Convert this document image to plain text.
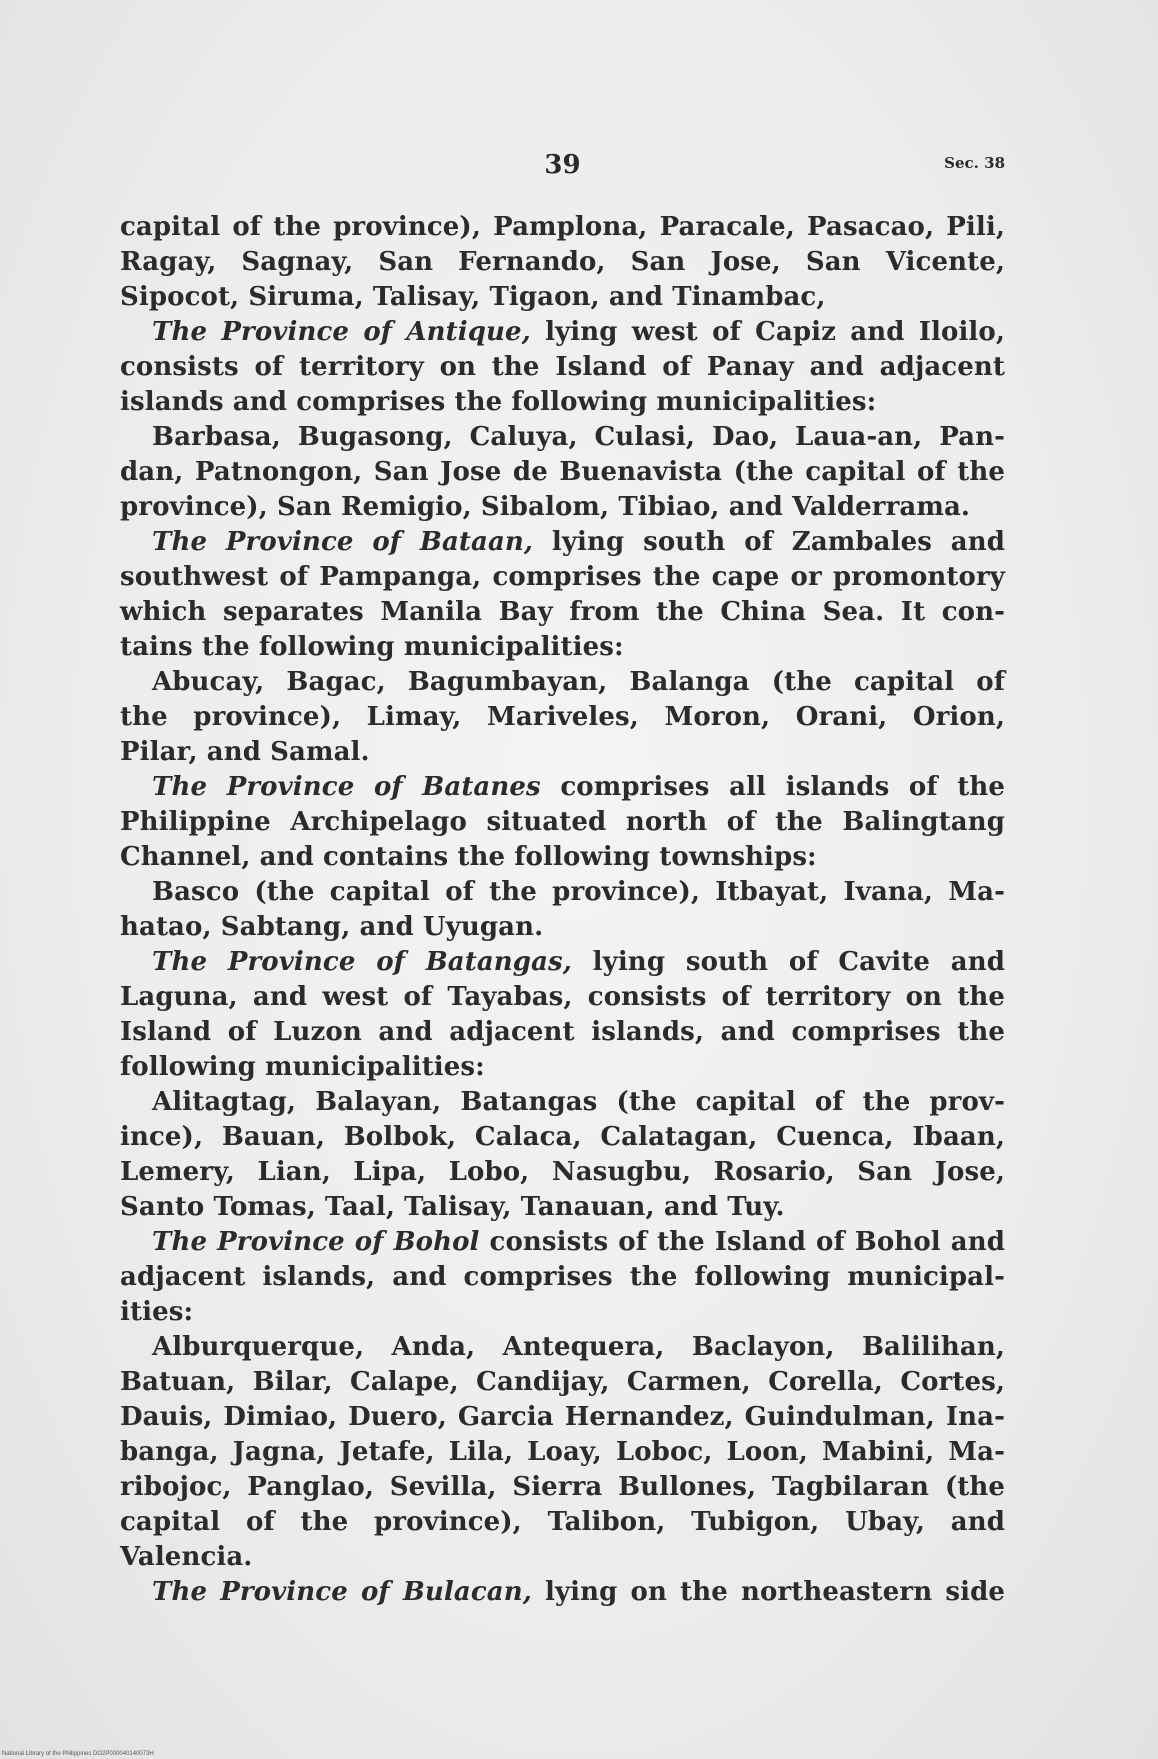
39	Sec. 38
capital of the province), Pamplona, Paracale, Pasacao, Pili,
Ragay, Sagnay, San Fernando, San Jose, San Vicente,
Sipocot, Siruma, Talisay, Tigaon, and Tinambac,
The Province of Antique, lying west of Capiz and Iloilo,
consists of territory on the Island of Panay and adjacent
islands and comprises the following municipalities:
Barbasa, Bugasong, Caluya, Culasi, Dao, Laua-an, Pan-
dan, Patnongon, San Jose de Buenavista (the capital of the
province), San Remigio, Sibalom, Tibiao, and Valderrama.
The Province of Bataan, lying south of Zambales and
southwest of Pampanga, comprises the cape or promontory
which separates Manila Bay from the China Sea. It con-
tains the following municipalities:
Abucay, Bagac, Bagumbayan, Balanga (the capital of
the province), Limay, Mariveles, Moron, Orani, Orion,
Pilar, and Samal.
The Province of Batanes comprises all islands of the
Philippine Archipelago situated north of the Balingtang
Channel, and contains the following townships:
Basco (the capital of the province), Itbayat, Ivana, Ma-
hatao, Sabtang, and Uyugan.
The Province of Batangas, lying south of Cavite and
Laguna, and west of Tayabas, consists of territory on the
Island of Luzon and adjacent islands, and comprises the
following municipalities:
Alitagtag, Balayan, Batangas (the capital of the prov-
ince), Bauan, Bolbok, Calaca, Calatagan, Cuenca, Ibaan,
Lemery, Lian, Lipa, Lobo, Nasugbu, Rosario, San Jose,
Santo Tomas, Taal, Talisay, Tanauan, and Tuy.
The Province of Bohol consists of the Island of Bohol and
adjacent islands, and comprises the following municipal-
ities:
Alburquerque, Anda, Antequera, Baclayon, Balilihan,
Batuan, Bilar, Calape, Candijay, Carmen, Corella, Cortes,
Dauis, Dimiao, Duero, Garcia Hernandez, Guindulman, Ina-
banga, Jagna, Jetafe, Lila, Loay, Loboc, Loon, Mabini, Ma-
ribojoc, Panglao, Sevilla, Sierra Bullones, Tagbilaran (the
capital of the province), Talibon, Tubigon, Ubay, and
Valencia.
The Province of Bulacan, lying on the northeastern side
National Library of the Philippines DO2P000040140073H
